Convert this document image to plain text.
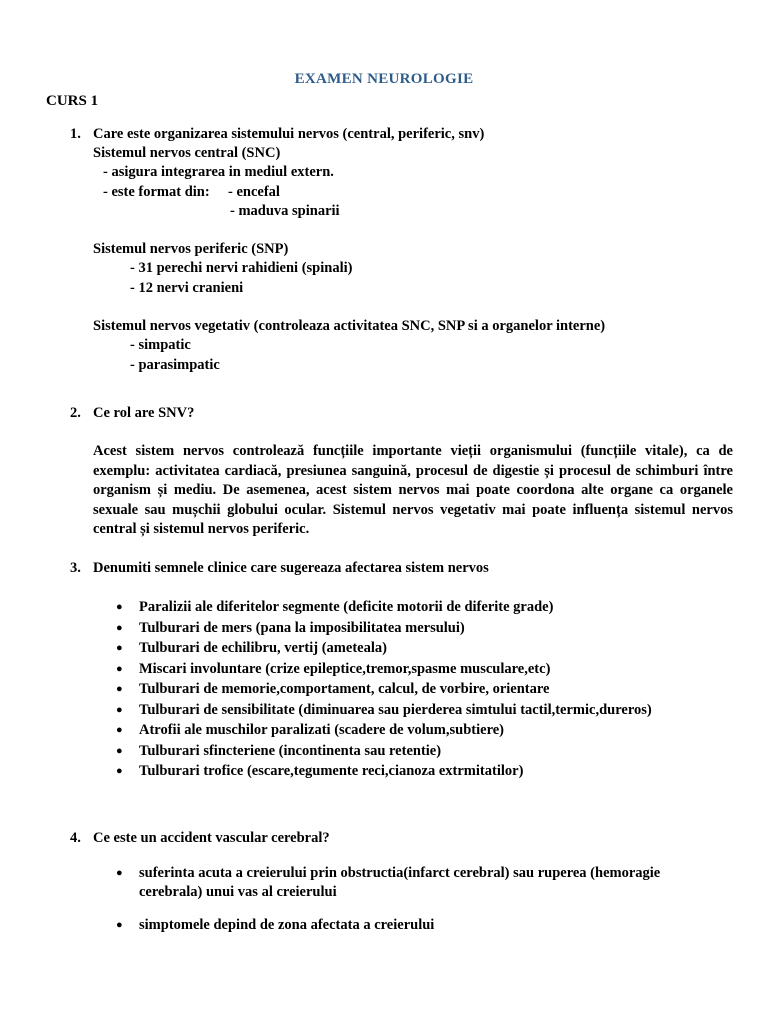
EXAMEN NEUROLOGIE
CURS 1
1. Care este organizarea sistemului nervos (central, periferic, snv)
Sistemul nervos central (SNC)
- asigura integrarea in mediul extern.
- este format din: - encefal
- maduva spinarii
Sistemul nervos periferic (SNP)
- 31 perechi nervi rahidieni (spinali)
- 12 nervi cranieni
Sistemul nervos vegetativ (controleaza activitatea SNC, SNP si a organelor interne)
- simpatic
- parasimpatic
2. Ce rol are SNV?
Acest sistem nervos controlează funcțiile importante vieții organismului (funcțiile vitale), ca de exemplu: activitatea cardiacă, presiunea sanguină, procesul de digestie și procesul de schimburi între organism și mediu. De asemenea, acest sistem nervos mai poate coordona alte organe ca organele sexuale sau mușchii globului ocular. Sistemul nervos vegetativ mai poate influența sistemul nervos central și sistemul nervos periferic.
3. Denumiti semnele clinice care sugereaza afectarea sistem nervos
● Paralizii ale diferitelor segmente (deficite motorii de diferite grade)
● Tulburari de mers (pana la imposibilitatea mersului)
● Tulburari de echilibru, vertij (ameteala)
● Miscari involuntare (crize epileptice,tremor,spasme musculare,etc)
● Tulburari de memorie,comportament, calcul, de vorbire, orientare
● Tulburari de sensibilitate (diminuarea sau pierderea simtului tactil,termic,dureros)
● Atrofii ale muschilor paralizati (scadere de volum,subtiere)
● Tulburari sfincteriene (incontinenta sau retentie)
● Tulburari trofice (escare,tegumente reci,cianoza extrmitatilor)
4. Ce este un accident vascular cerebral?
● suferinta acuta a creierului prin obstructia(infarct cerebral) sau ruperea (hemoragie cerebrala) unui vas al creierului
● simptomele depind de zona afectata a creierului
